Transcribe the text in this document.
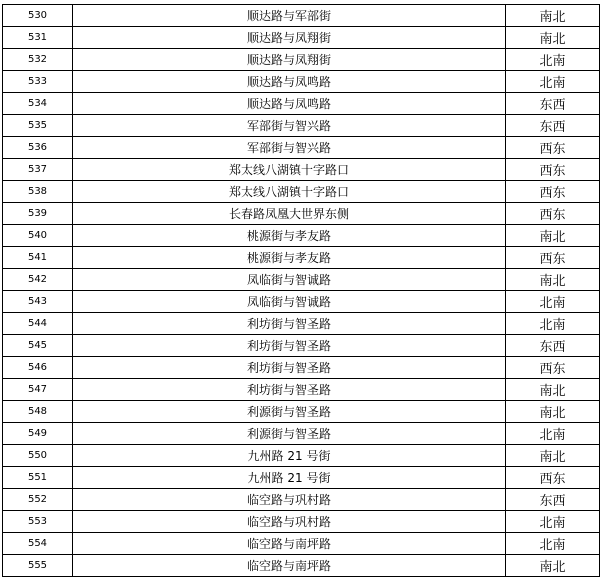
530	顺达路与军部街	南北
531	顺达路与凤翔街	南北
532	顺达路与凤翔街	北南
533	顺达路与凤鸣路	北南
534	顺达路与凤鸣路	东西
535	军部街与智兴路	东西
536	军部街与智兴路	西东
537	郑太线八湖镇十字路口	西东
538	郑太线八湖镇十字路口	西东
539	长春路凤凰大世界东侧	西东
540	桃源街与孝友路	南北
541	桃源街与孝友路	西东
542	凤临街与智诚路	南北
543	凤临街与智诚路	北南
544	利坊街与智圣路	北南
545	利坊街与智圣路	东西
546	利坊街与智圣路	西东
547	利坊街与智圣路	南北
548	利源街与智圣路	南北
549	利源街与智圣路	北南
550	九州路 21 号街	南北
551	九州路 21 号街	西东
552	临空路与巩村路	东西
553	临空路与巩村路	北南
554	临空路与南坪路	北南
555	临空路与南坪路	南北
